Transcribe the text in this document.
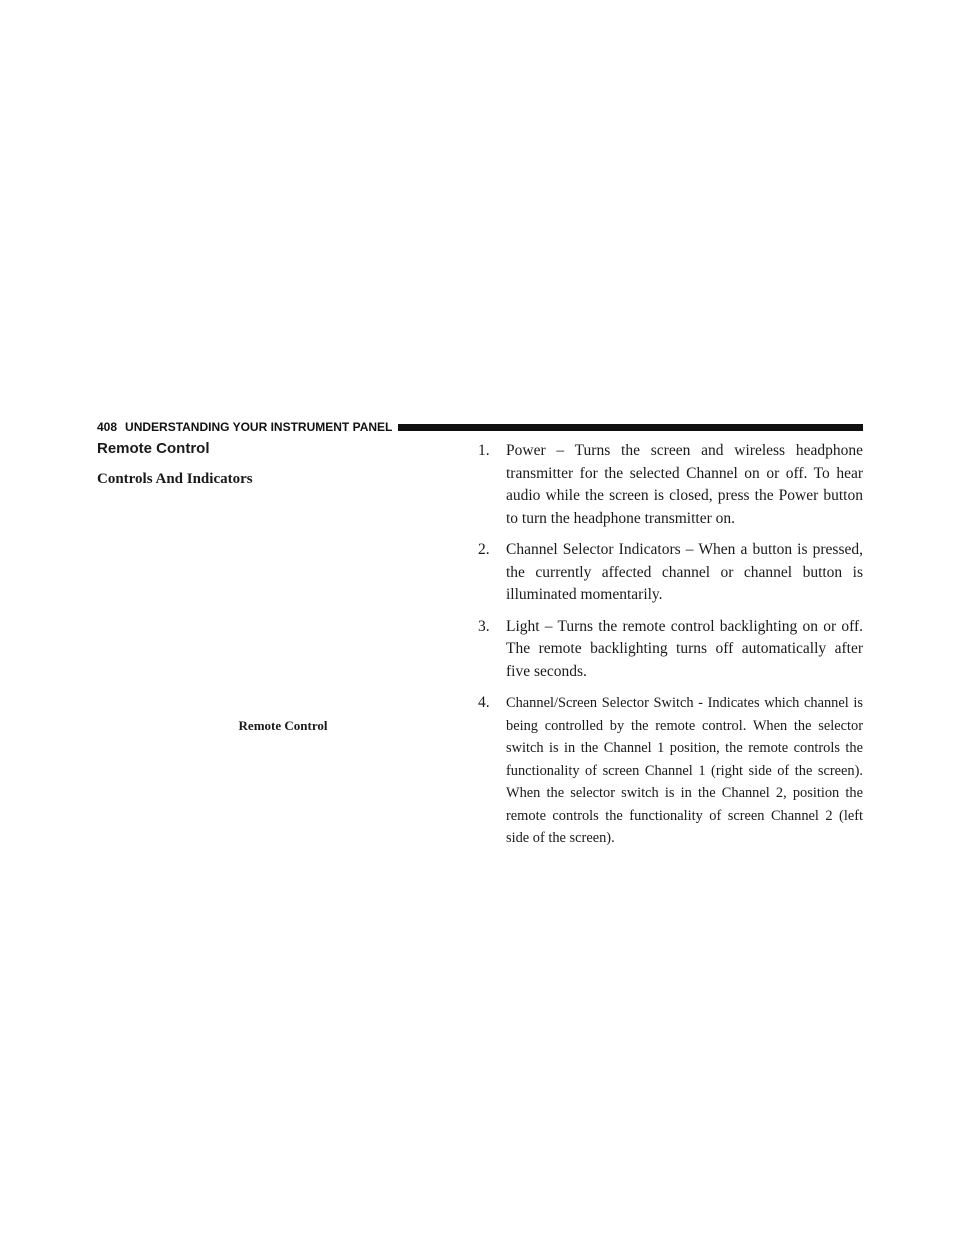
408 UNDERSTANDING YOUR INSTRUMENT PANEL
Remote Control
Controls And Indicators
Remote Control
1.	Power – Turns the screen and wireless headphone transmitter for the selected Channel on or off. To hear audio while the screen is closed, press the Power button to turn the headphone transmitter on.
2.	Channel Selector Indicators – When a button is pressed, the currently affected channel or channel button is illuminated momentarily.
3.	Light – Turns the remote control backlighting on or off. The remote backlighting turns off automatically after five seconds.
4.	Channel/Screen Selector Switch - Indicates which channel is being controlled by the remote control. When the selector switch is in the Channel 1 position, the remote controls the functionality of screen Channel 1 (right side of the screen). When the selector switch is in the Channel 2, position the remote controls the functionality of screen Channel 2 (left side of the screen).
